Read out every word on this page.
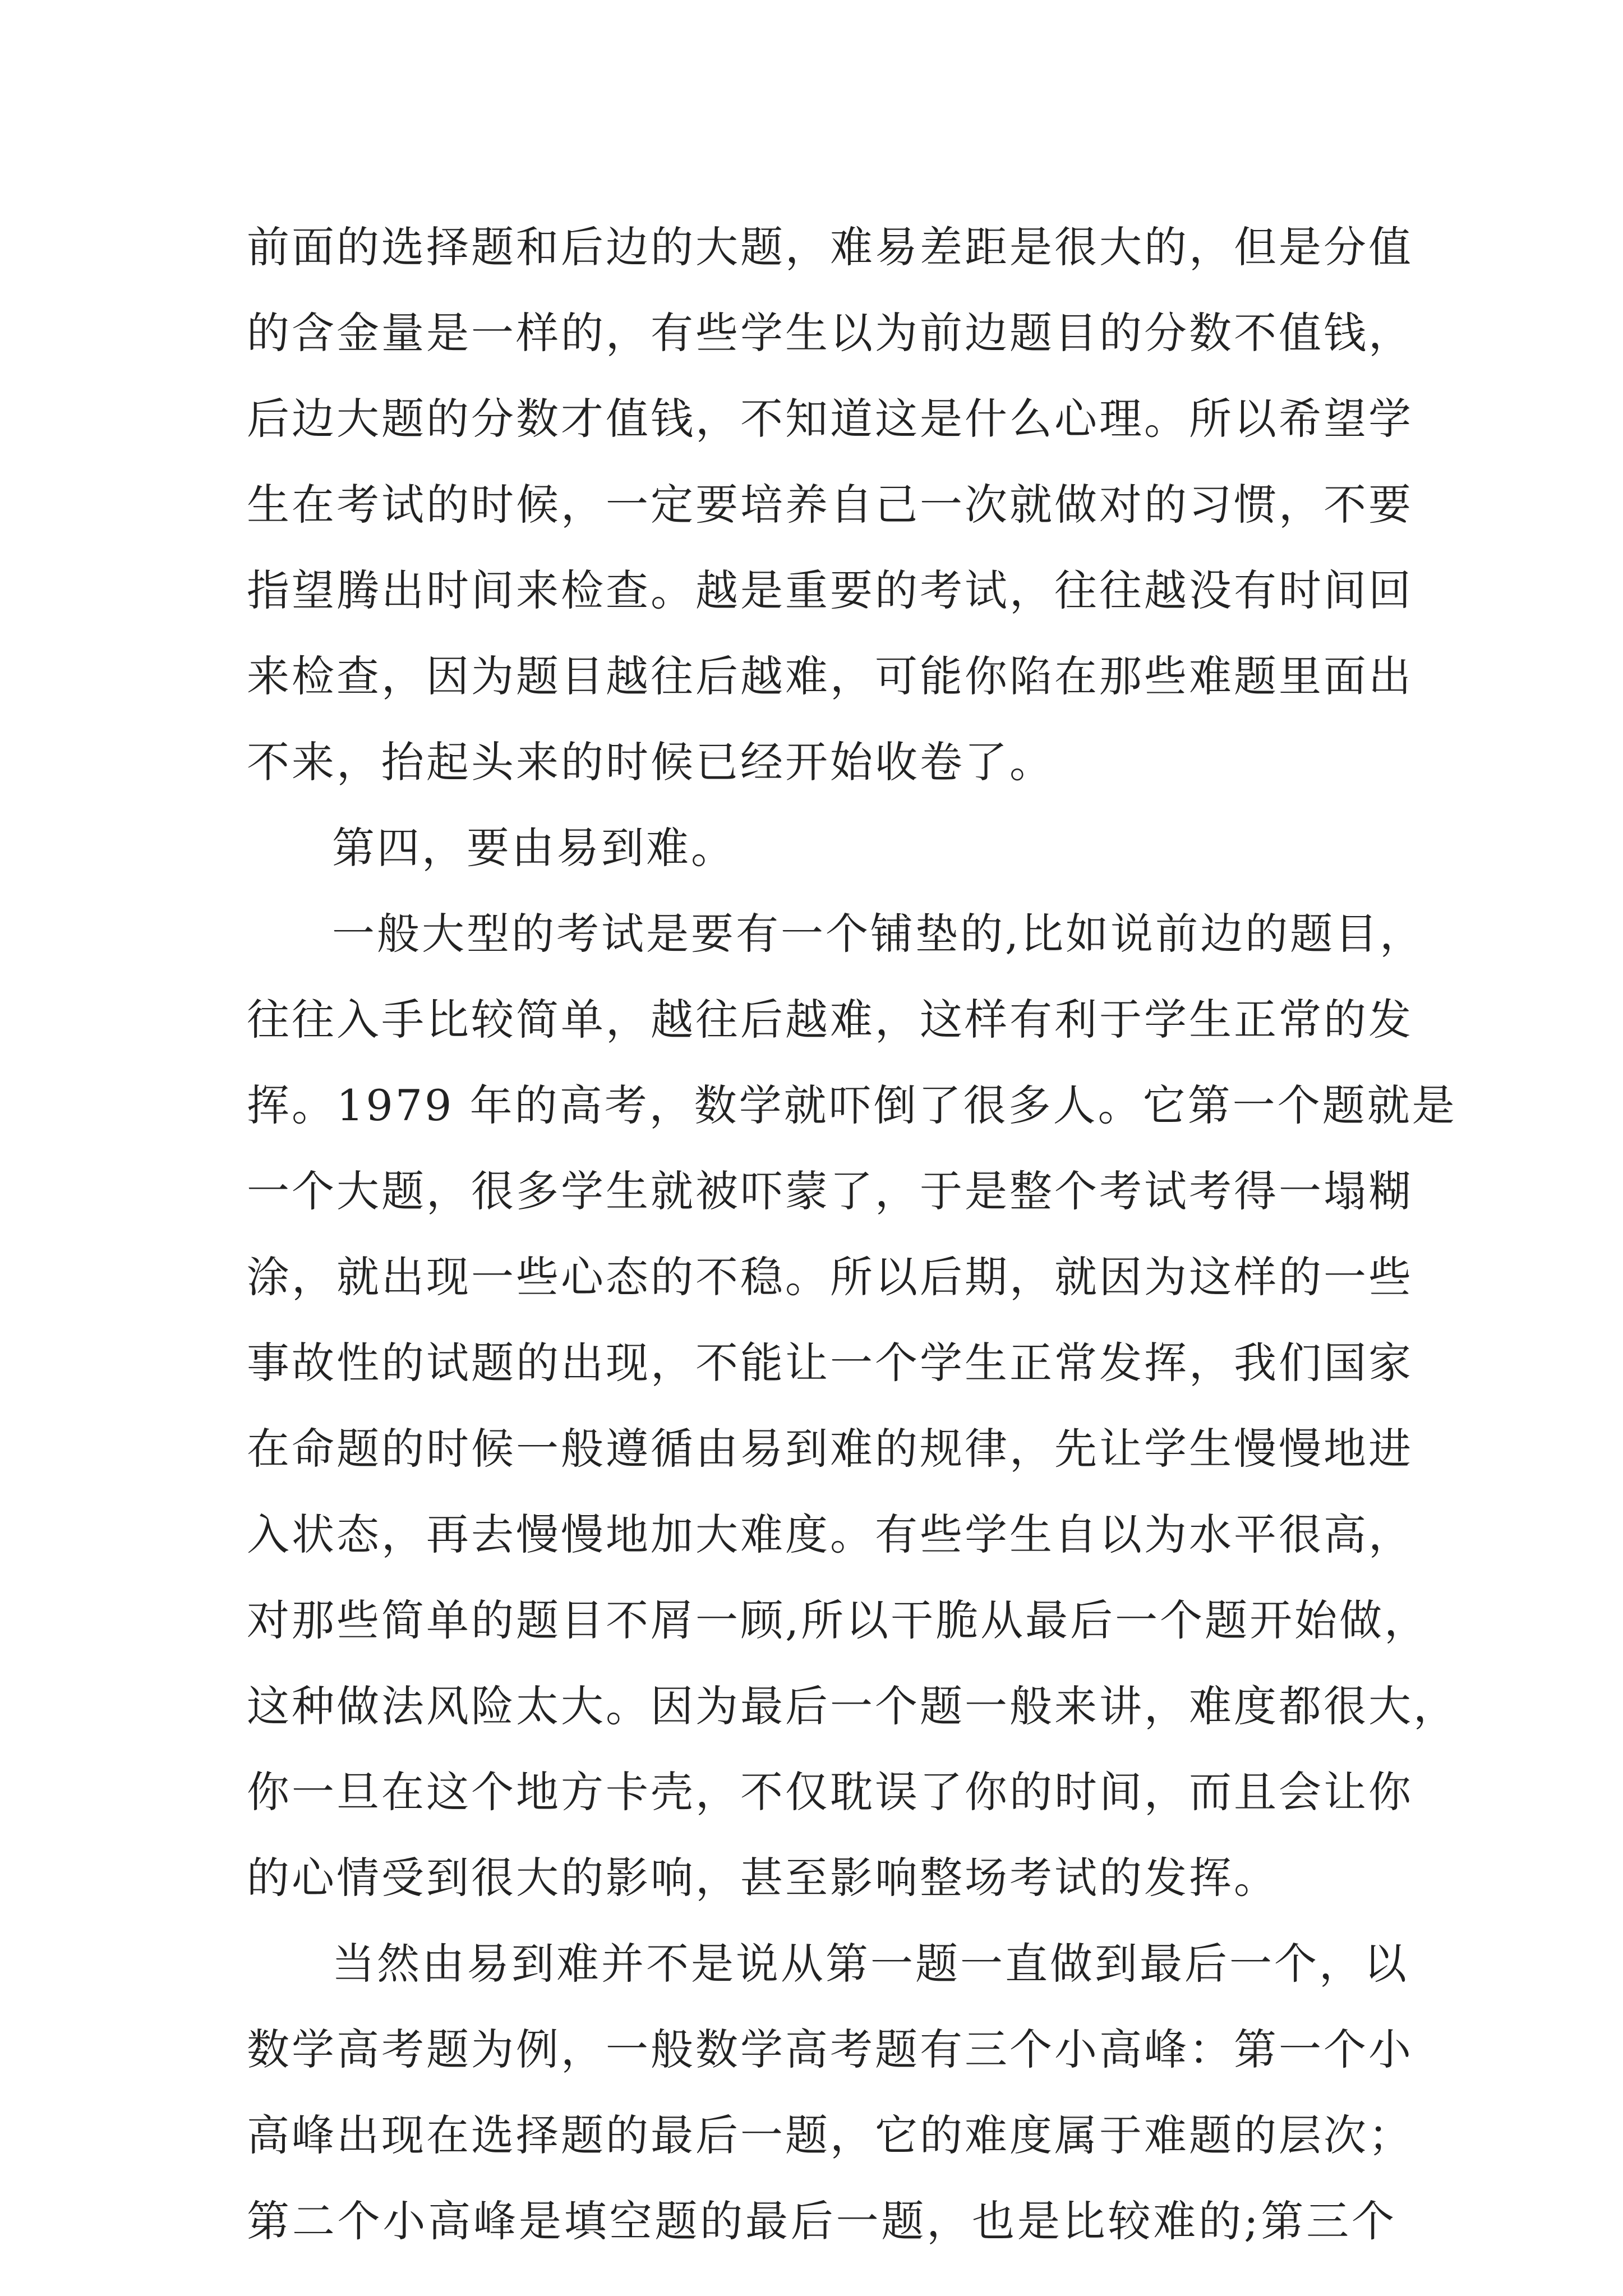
前面的选择题和后边的大题，难易差距是很大的，但是分值
的含金量是一样的，有些学生以为前边题目的分数不值钱，
后边大题的分数才值钱，不知道这是什么心理。所以希望学
生在考试的时候，一定要培养自己一次就做对的习惯，不要
指望腾出时间来检查。越是重要的考试，往往越没有时间回
来检查，因为题目越往后越难，可能你陷在那些难题里面出
不来，抬起头来的时候已经开始收卷了。
第四，要由易到难。
一般大型的考试是要有一个铺垫的,比如说前边的题目，
往往入手比较简单，越往后越难，这样有利于学生正常的发
挥。1979 年的高考，数学就吓倒了很多人。它第一个题就是
一个大题，很多学生就被吓蒙了，于是整个考试考得一塌糊
涂，就出现一些心态的不稳。所以后期，就因为这样的一些
事故性的试题的出现，不能让一个学生正常发挥，我们国家
在命题的时候一般遵循由易到难的规律，先让学生慢慢地进
入状态，再去慢慢地加大难度。有些学生自以为水平很高，
对那些简单的题目不屑一顾,所以干脆从最后一个题开始做，
这种做法风险太大。因为最后一个题一般来讲，难度都很大，
你一旦在这个地方卡壳，不仅耽误了你的时间，而且会让你
的心情受到很大的影响，甚至影响整场考试的发挥。
当然由易到难并不是说从第一题一直做到最后一个，以
数学高考题为例，一般数学高考题有三个小高峰：第一个小
高峰出现在选择题的最后一题，它的难度属于难题的层次；
第二个小高峰是填空题的最后一题，也是比较难的;第三个
